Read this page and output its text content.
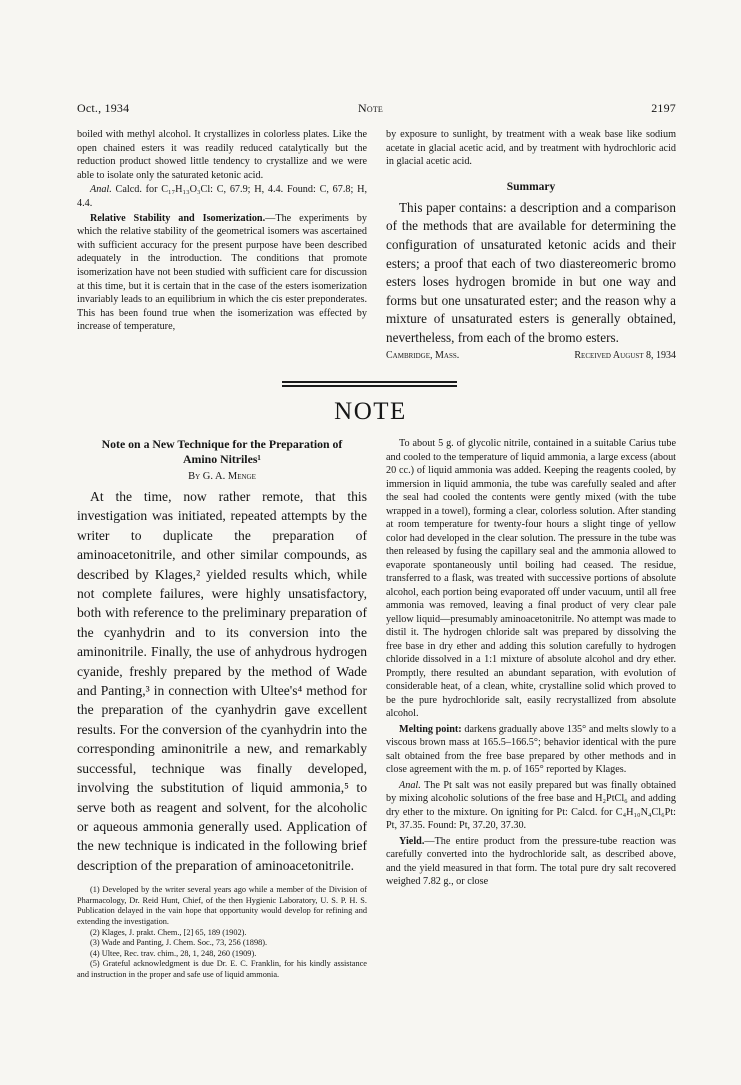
Oct., 1934	Note	2197

boiled with methyl alcohol. It crystallizes in colorless plates. Like the open chained esters it was readily reduced catalytically but the reduction product showed little tendency to crystallize and we were able to isolate only the saturated ketonic acid.

Anal. Calcd. for C₁₇H₁₃O₃Cl: C, 67.9; H, 4.4. Found: C, 67.8; H, 4.4.

Relative Stability and Isomerization.—The experiments by which the relative stability of the geometrical isomers was ascertained with sufficient accuracy for the present purpose have been described adequately in the introduction. The conditions that promote isomerization have not been studied with sufficient care for discussion at this time, but it is certain that in the case of the esters isomerization invariably leads to an equilibrium in which the cis ester preponderates. This has been found true when the isomerization was effected by increase of temperature,

by exposure to sunlight, by treatment with a weak base like sodium acetate in glacial acetic acid, and by treatment with hydrochloric acid in glacial acetic acid.

Summary

This paper contains: a description and a comparison of the methods that are available for determining the configuration of unsaturated ketonic acids and their esters; a proof that each of two diastereomeric bromo esters loses hydrogen bromide in but one way and forms but one unsaturated ester; and the reason why a mixture of unsaturated esters is generally obtained, nevertheless, from each of the bromo esters.

Cambridge, Mass.	Received August 8, 1934
NOTE
Note on a New Technique for the Preparation of
Amino Nitriles¹
By G. A. Menge

At the time, now rather remote, that this investigation was initiated, repeated attempts by the writer to duplicate the preparation of aminoacetonitrile, and other similar compounds, as described by Klages,² yielded results which, while not complete failures, were highly unsatisfactory, both with reference to the preliminary preparation of the cyanhydrin and to its conversion into the aminonitrile. Finally, the use of anhydrous hydrogen cyanide, freshly prepared by the method of Wade and Panting,³ in connection with Ultee's⁴ method for the preparation of the cyanhydrin gave excellent results. For the conversion of the cyanhydrin into the corresponding aminonitrile a new, and remarkably successful, technique was finally developed, involving the substitution of liquid ammonia,⁵ to serve both as reagent and solvent, for the alcoholic or aqueous ammonia generally used. Application of the new technique is indicated in the following brief description of the preparation of aminoacetonitrile.

(1) Developed by the writer several years ago while a member of the Division of Pharmacology, Dr. Reid Hunt, Chief, of the then Hygienic Laboratory, U. S. P. H. S. Publication delayed in the vain hope that opportunity would develop for refining and extending the investigation.

(2) Klages, J. prakt. Chem., [2] 65, 189 (1902).

(3) Wade and Panting, J. Chem. Soc., 73, 256 (1898).

(4) Ultee, Rec. trav. chim., 28, 1, 248, 260 (1909).

(5) Grateful acknowledgment is due Dr. E. C. Franklin, for his kindly assistance and instruction in the proper and safe use of liquid ammonia.

To about 5 g. of glycolic nitrile, contained in a suitable Carius tube and cooled to the temperature of liquid ammonia, a large excess (about 20 cc.) of liquid ammonia was added. Keeping the reagents cooled, by immersion in liquid ammonia, the tube was carefully sealed and after the seal had cooled the contents were gently mixed (with the tube wrapped in a towel), forming a clear, colorless solution. After standing at room temperature for twenty-four hours a slight tinge of yellow color had developed in the clear solution. The pressure in the tube was then released by fusing the capillary seal and the ammonia allowed to evaporate spontaneously until boiling had ceased. The residue, transferred to a flask, was treated with successive portions of absolute alcohol, each portion being evaporated off under vacuum, until all free ammonia was removed, leaving a final product of very clear pale yellow liquid—presumably aminoacetonitrile. No attempt was made to distil it. The hydrogen chloride salt was prepared by dissolving the free base in dry ether and adding this solution carefully to hydrogen chloride dissolved in a 1:1 mixture of absolute alcohol and dry ether. Promptly, there resulted an abundant separation, with evolution of considerable heat, of a clean, white, crystalline solid which proved to be the pure hydrochloride salt, easily recrystallized from absolute alcohol.

Melting point: darkens gradually above 135° and melts slowly to a viscous brown mass at 165.5–166.5°; behavior identical with the pure salt obtained from the free base prepared by other methods and in close agreement with the m. p. of 165° reported by Klages.

Anal. The Pt salt was not easily prepared but was finally obtained by mixing alcoholic solutions of the free base and H₂PtCl₆ and adding dry ether to the mixture. On igniting for Pt: Calcd. for C₄H₁₀N₄Cl₆Pt: Pt, 37.35. Found: Pt, 37.20, 37.30.

Yield.—The entire product from the pressure-tube reaction was carefully converted into the hydrochloride salt, as described above, and the yield measured in that form. The total pure dry salt recovered weighed 7.82 g., or close
